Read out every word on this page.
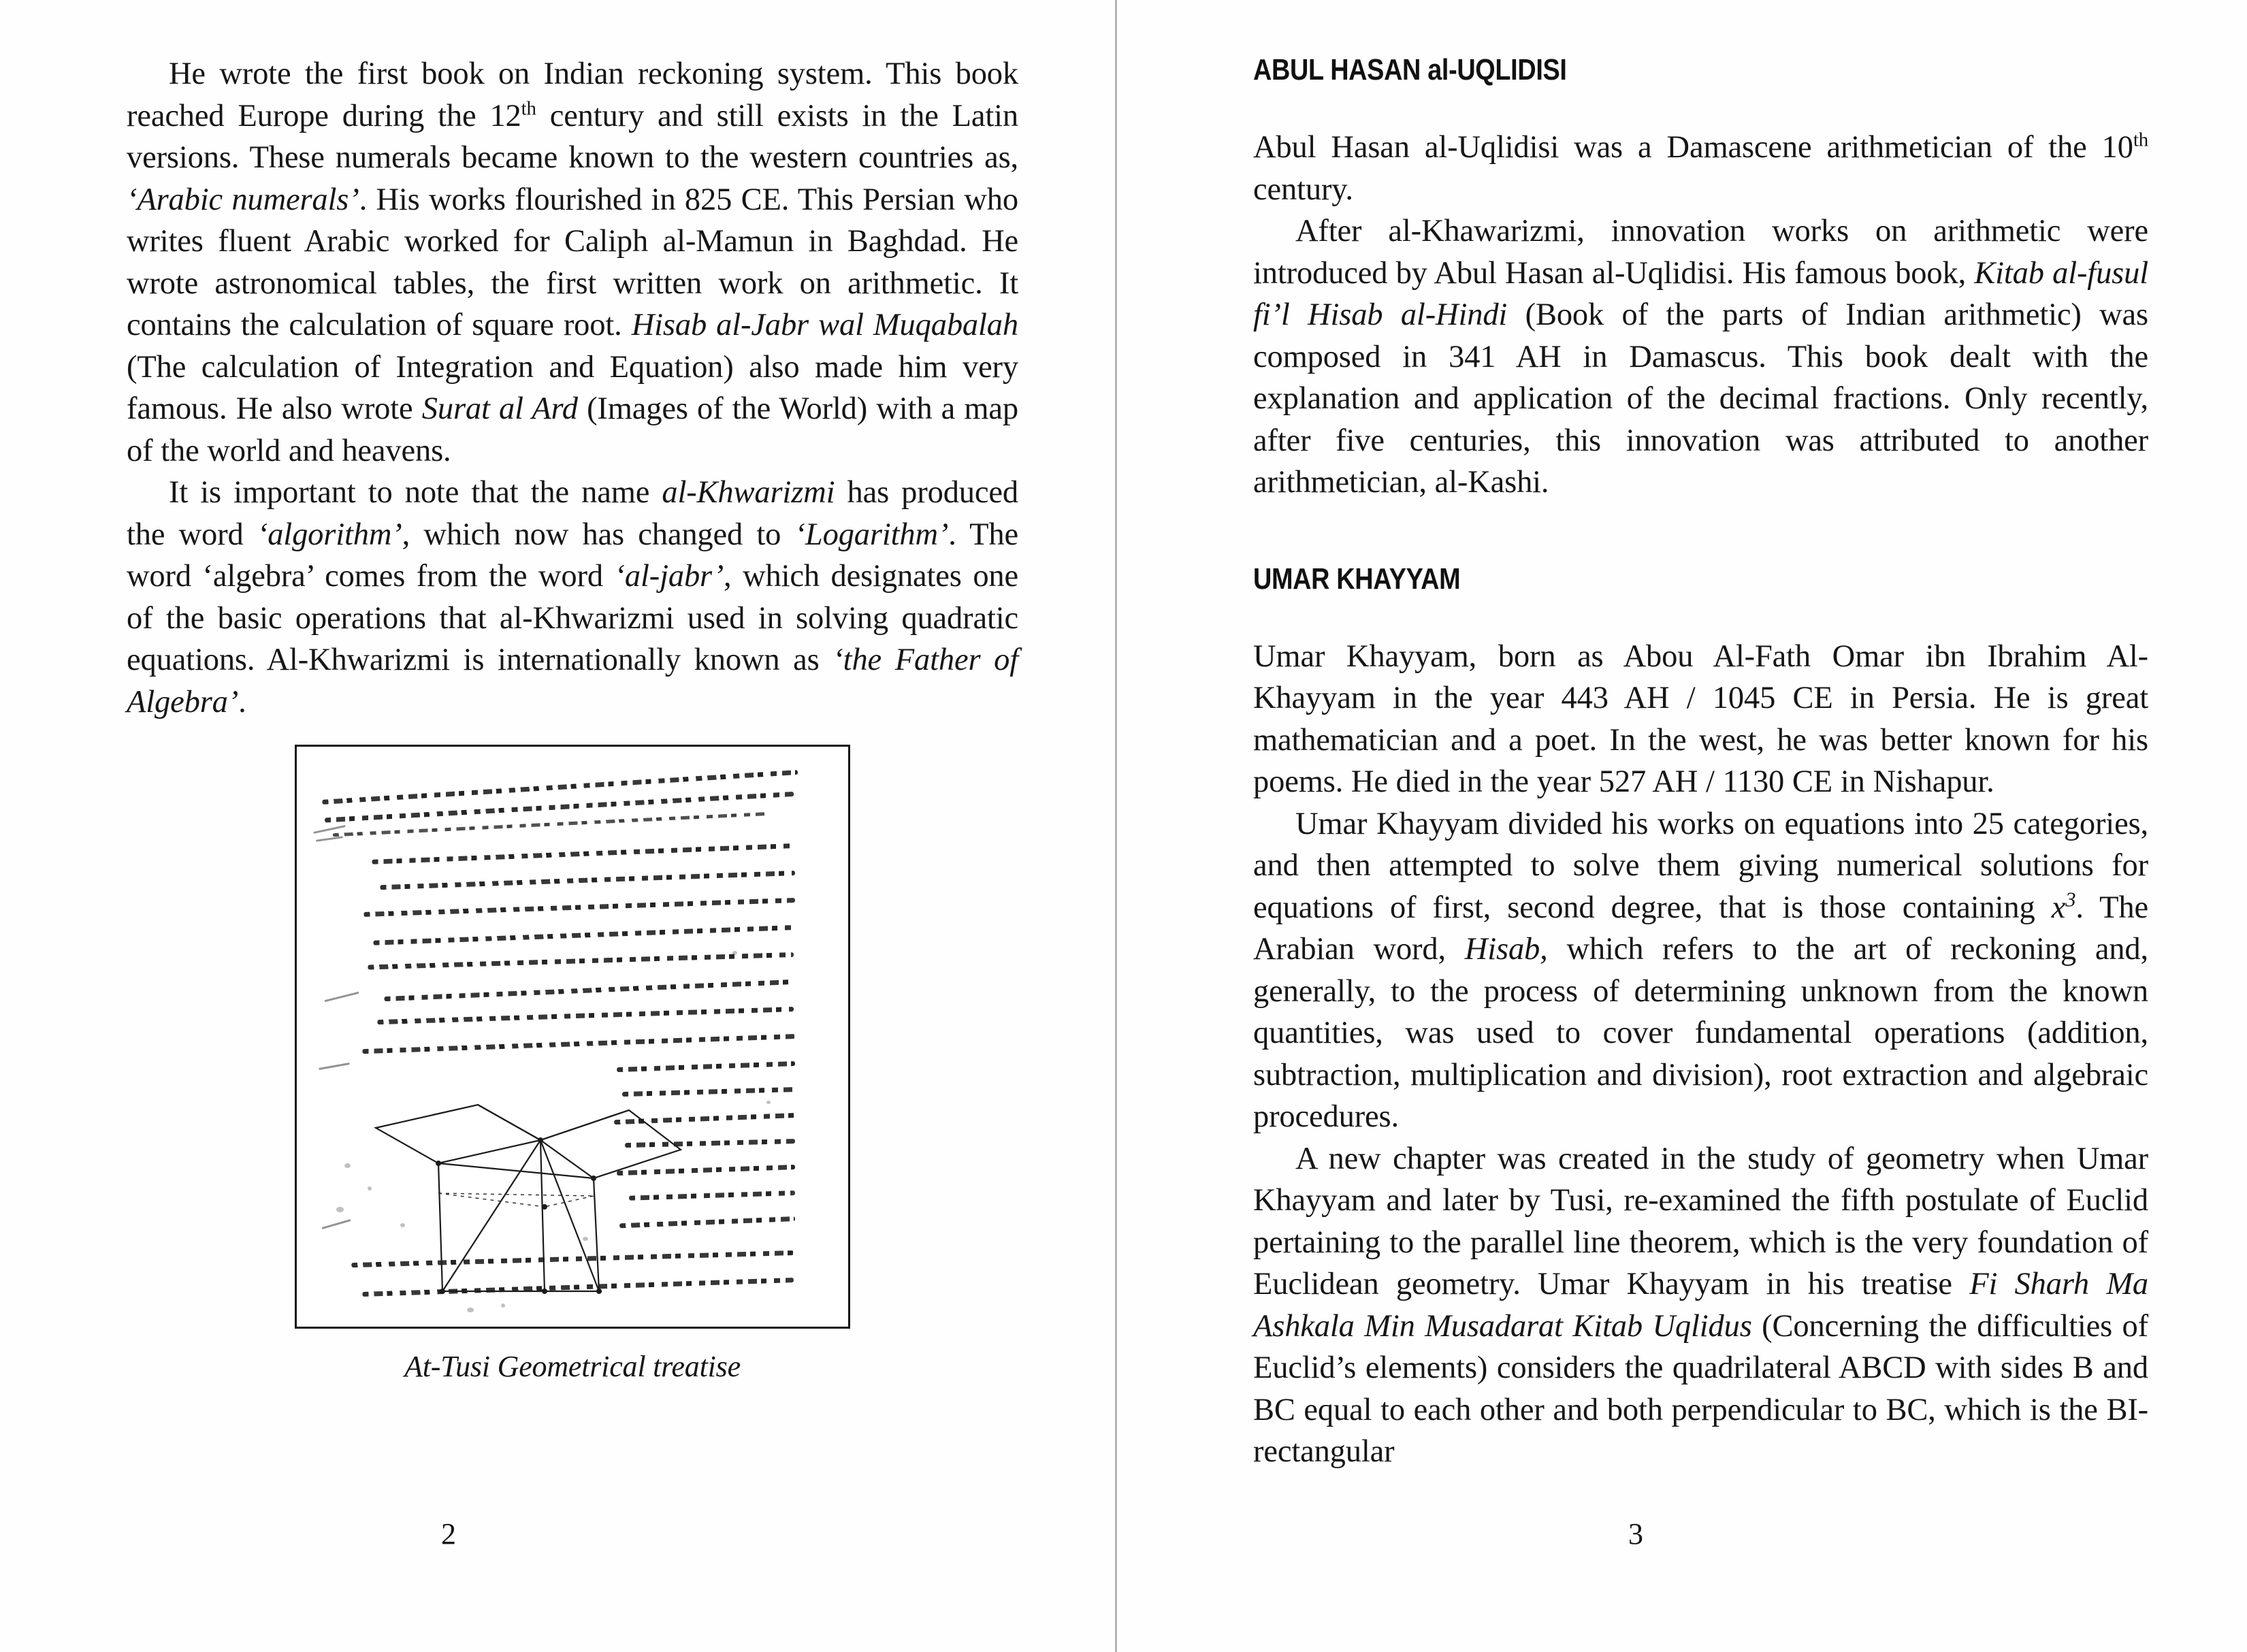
He wrote the first book on Indian reckoning system. This book reached Europe during the 12th century and still exists in the Latin versions. These numerals became known to the western countries as, ‘Arabic numerals’. His works flourished in 825 CE. This Persian who writes fluent Arabic worked for Caliph al-Mamun in Baghdad. He wrote astronomical tables, the first written work on arithmetic. It contains the calculation of square root. Hisab al-Jabr wal Muqabalah (The calculation of Integration and Equation) also made him very famous. He also wrote Surat al Ard (Images of the World) with a map of the world and heavens.

It is important to note that the name al-Khwarizmi has produced the word ‘algorithm’, which now has changed to ‘Logarithm’. The word ‘algebra’ comes from the word ‘al-jabr’, which designates one of the basic operations that al-Khwarizmi used in solving quadratic equations. Al-Khwarizmi is internationally known as ‘the Father of Algebra’.

At-Tusi Geometrical treatise
2
ABUL HASAN al-UQLIDISI

Abul Hasan al-Uqlidisi was a Damascene arithmetician of the 10th century.

After al-Khawarizmi, innovation works on arithmetic were introduced by Abul Hasan al-Uqlidisi. His famous book, Kitab al-fusul fi’l Hisab al-Hindi (Book of the parts of Indian arithmetic) was composed in 341 AH in Damascus. This book dealt with the explanation and application of the decimal fractions. Only recently, after five centuries, this innovation was attributed to another arithmetician, al-Kashi.

UMAR KHAYYAM

Umar Khayyam, born as Abou Al-Fath Omar ibn Ibrahim Al-Khayyam in the year 443 AH / 1045 CE in Persia. He is great mathematician and a poet. In the west, he was better known for his poems. He died in the year 527 AH / 1130 CE in Nishapur.

Umar Khayyam divided his works on equations into 25 categories, and then attempted to solve them giving numerical solutions for equations of first, second degree, that is those containing $x^3$. The Arabian word, Hisab, which refers to the art of reckoning and, generally, to the process of determining unknown from the known quantities, was used to cover fundamental operations (addition, subtraction, multiplication and division), root extraction and algebraic procedures.

A new chapter was created in the study of geometry when Umar Khayyam and later by Tusi, re-examined the fifth postulate of Euclid pertaining to the parallel line theorem, which is the very foundation of Euclidean geometry. Umar Khayyam in his treatise Fi Sharh Ma Ashkala Min Musadarat Kitab Uqlidus (Concerning the difficulties of Euclid’s elements) considers the quadrilateral ABCD with sides B and BC equal to each other and both perpendicular to BC, which is the BI-rectangular

3
